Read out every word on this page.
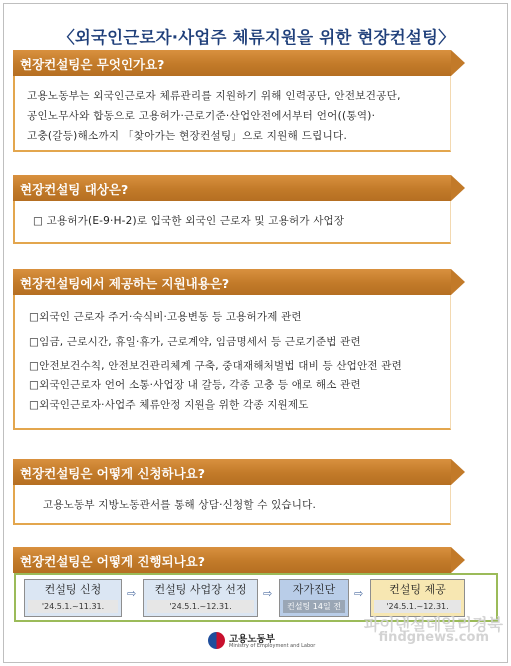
〈외국인근로자·사업주 체류지원을 위한 현장컨설팅〉
현장컨설팅은 무엇인가요?
고용노동부는 외국인근로자 체류관리를 지원하기 위해 인력공단, 안전보건공단,
공인노무사와 합동으로 고용허가·근로기준·산업안전에서부터 언어((통역)·
고충(갈등)해소까지 「찾아가는 현장컨설팅」으로 지원해 드립니다.
현장컨설팅 대상은?
□ 고용허가(E-9·H-2)로 입국한 외국인 근로자 및 고용허가 사업장
현장컨설팅에서 제공하는 지원내용은?
□외국인 근로자 주거·숙식비·고용변동 등 고용허가제 관련
□임금, 근로시간, 휴일·휴가, 근로계약, 임금명세서 등 근로기준법 관련
□안전보건수칙, 안전보건관리체계 구축, 중대재해처벌법 대비 등 산업안전 관련
□외국인근로자 언어 소통·사업장 내 갈등, 각종 고충 등 애로 해소 관련
□외국인근로자·사업주 체류안정 지원을 위한 각종 지원제도
현장컨설팅은 어떻게 신청하나요?
고용노동부 지방노동관서를 통해 상담·신청할 수 있습니다.
현장컨설팅은 어떻게 진행되나요?
컨설팅 신청
'24.5.1.~11.31.
⇨	컨설팅 사업장 선정
'24.5.1.~12.31.
⇨	자가진단
컨설팅 14일 전
⇨	컨설팅 제공
'24.5.1.~12.31.
고용노동부
Ministry of Employment and Labor
파이낸셜데일리경북
findgnews.com
